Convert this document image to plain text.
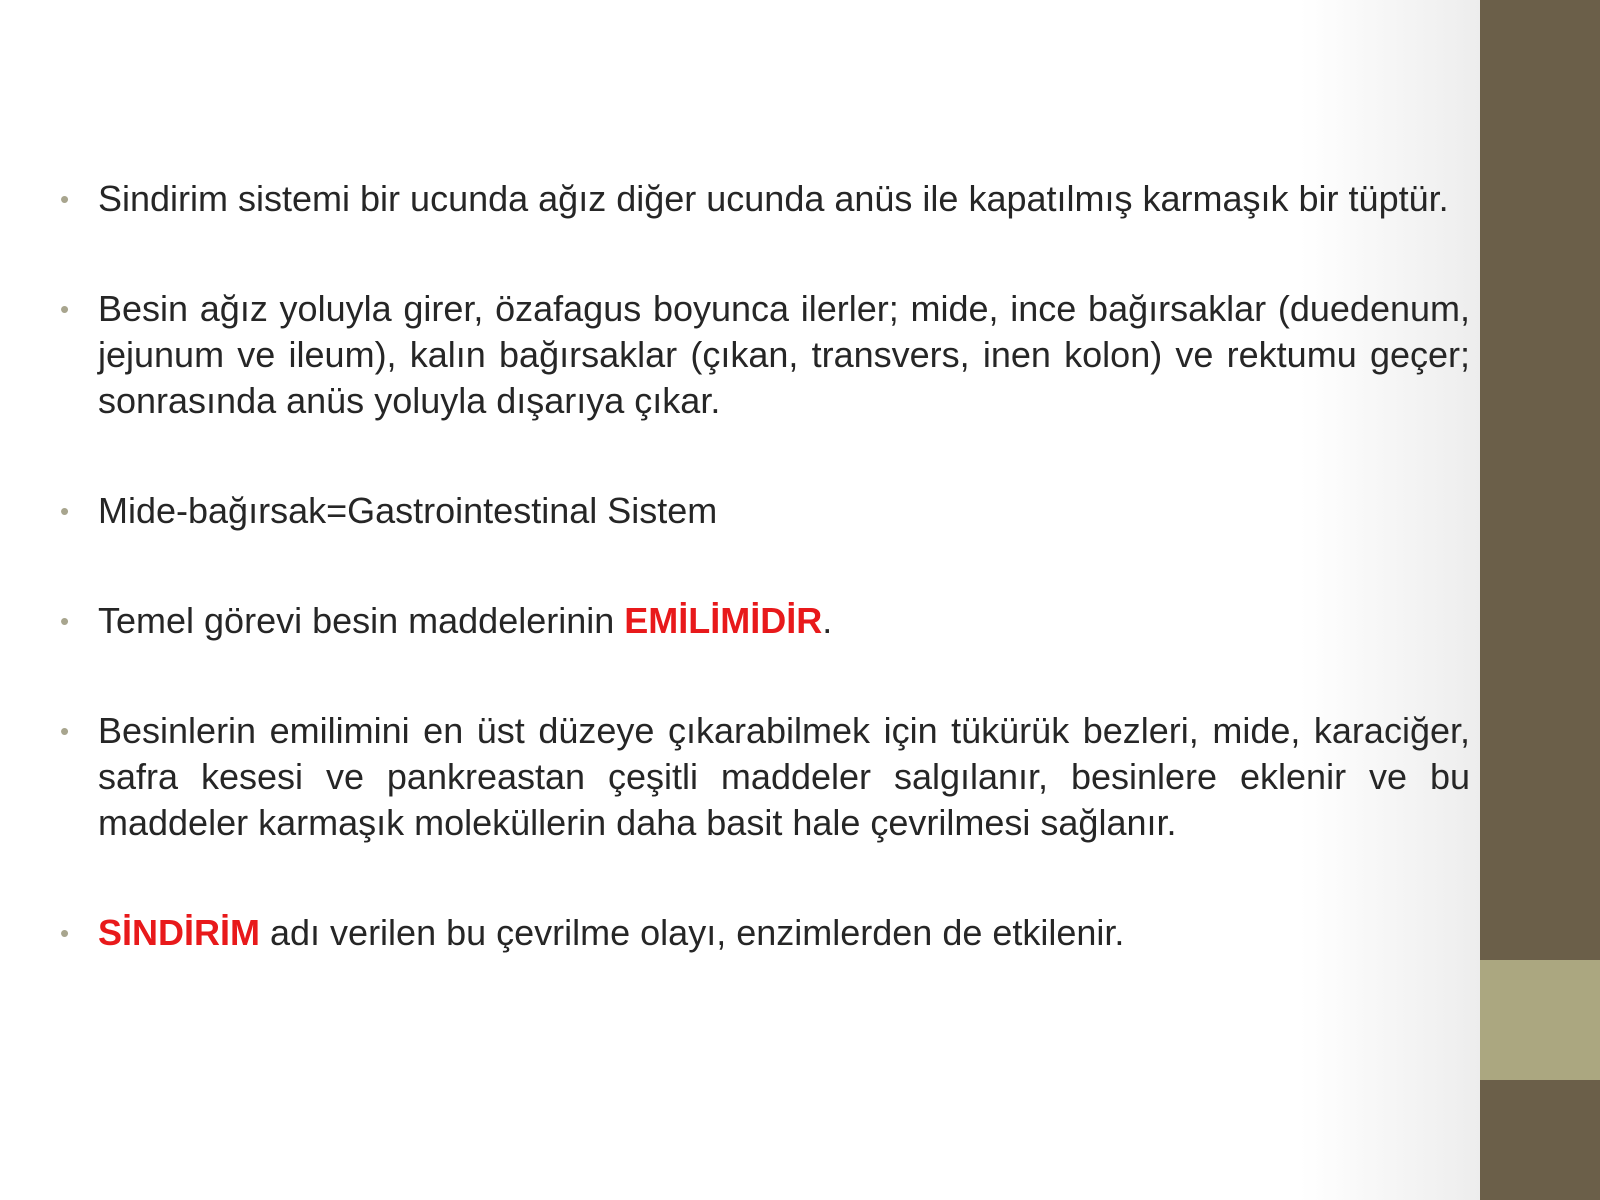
• Sindirim sistemi bir ucunda ağız diğer ucunda anüs ile kapatılmış karmaşık bir tüptür.
• Besin ağız yoluyla girer, özafagus boyunca ilerler; mide, ince bağırsaklar (duedenum, jejunum ve ileum), kalın bağırsaklar (çıkan, transvers, inen kolon) ve rektumu geçer; sonrasında anüs yoluyla dışarıya çıkar.
• Mide-bağırsak=Gastrointestinal Sistem
• Temel görevi besin maddelerinin EMİLİMİDİR.
• Besinlerin emilimini en üst düzeye çıkarabilmek için tükürük bezleri, mide, karaciğer, safra kesesi ve pankreastan çeşitli maddeler salgılanır, besinlere eklenir ve bu maddeler karmaşık moleküllerin daha basit hale çevrilmesi sağlanır.
• SİNDİRİM adı verilen bu çevrilme olayı, enzimlerden de etkilenir.
